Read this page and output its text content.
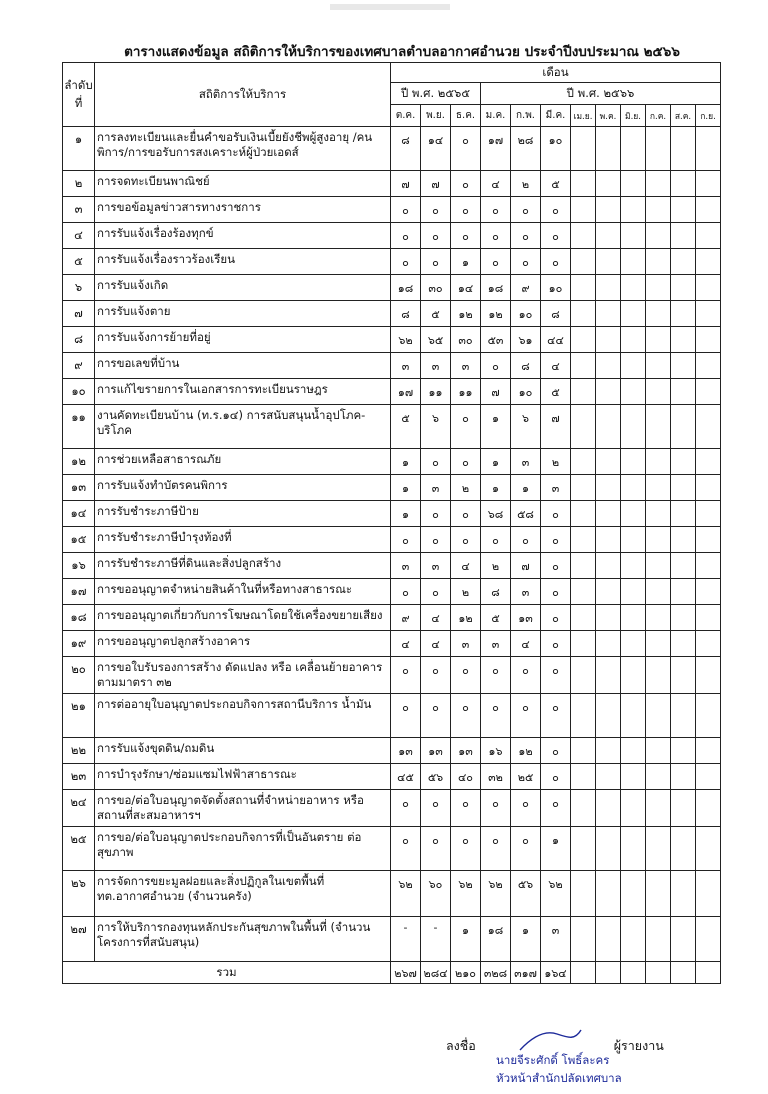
ตารางแสดงข้อมูล สถิติการให้บริการของเทศบาลตำบลอากาศอำนวย ประจำปีงบประมาณ ๒๕๖๖
ลำดับที่	สถิติการให้บริการ	เดือน											
		ปี พ.ศ. ๒๕๖๕			ปี พ.ศ. ๒๕๖๖								
		ต.ค.	พ.ย.	ธ.ค.	ม.ค.	ก.พ.	มี.ค.	เม.ย.	พ.ค.	มิ.ย.	ก.ค.	ส.ค.	ก.ย.
๑	การลงทะเบียนและยื่นคำขอรับเงินเบี้ยยังชีพผู้สูงอายุ /คนพิการ/การขอรับการสงเคราะห์ผู้ป่วยเอดส์	๘	๑๔	๐	๑๗	๒๘	๑๐						
๒	การจดทะเบียนพาณิชย์	๗	๗	๐	๔	๒	๕						
๓	การขอข้อมูลข่าวสารทางราชการ	๐	๐	๐	๐	๐	๐						
๔	การรับแจ้งเรื่องร้องทุกข์	๐	๐	๐	๐	๐	๐						
๕	การรับแจ้งเรื่องราวร้องเรียน	๐	๐	๑	๐	๐	๐						
๖	การรับแจ้งเกิด	๑๘	๓๐	๑๔	๑๘	๙	๑๐						
๗	การรับแจ้งตาย	๘	๕	๑๒	๑๒	๑๐	๘						
๘	การรับแจ้งการย้ายที่อยู่	๖๒	๖๕	๓๐	๕๓	๖๑	๔๔						
๙	การขอเลขที่บ้าน	๓	๓	๓	๐	๘	๔						
๑๐	การแก้ไขรายการในเอกสารการทะเบียนราษฎร	๑๗	๑๑	๑๑	๗	๑๐	๕						
๑๑	งานคัดทะเบียนบ้าน (ท.ร.๑๔) การสนับสนุนน้ำอุปโภค-บริโภค	๕	๖	๐	๑	๖	๗						
๑๒	การช่วยเหลือสาธารณภัย	๑	๐	๐	๑	๓	๒						
๑๓	การรับแจ้งทำบัตรคนพิการ	๑	๓	๒	๑	๑	๓						
๑๔	การรับชำระภาษีป้าย	๑	๐	๐	๖๘	๕๘	๐						
๑๕	การรับชำระภาษีบำรุงท้องที่	๐	๐	๐	๐	๐	๐						
๑๖	การรับชำระภาษีที่ดินและสิ่งปลูกสร้าง	๓	๓	๔	๒	๗	๐						
๑๗	การขออนุญาตจำหน่ายสินค้าในที่หรือทางสาธารณะ	๐	๐	๒	๘	๓	๐						
๑๘	การขออนุญาตเกี่ยวกับการโฆษณาโดยใช้เครื่องขยายเสียง	๙	๔	๑๒	๕	๑๓	๐						
๑๙	การขออนุญาตปลูกสร้างอาคาร	๔	๔	๓	๓	๔	๐						
๒๐	การขอใบรับรองการสร้าง ดัดแปลง หรือ เคลื่อนย้ายอาคาร ตามมาตรา ๓๒	๐	๐	๐	๐	๐	๐						
๒๑	การต่ออายุใบอนุญาตประกอบกิจการสถานีบริการ น้ำมัน	๐	๐	๐	๐	๐	๐						
๒๒	การรับแจ้งขุดดิน/ถมดิน	๑๓	๑๓	๑๓	๑๖	๑๒	๐						
๒๓	การบำรุงรักษา/ซ่อมแซมไฟฟ้าสาธารณะ	๔๕	๕๖	๔๐	๓๒	๒๕	๐						
๒๔	การขอ/ต่อใบอนุญาตจัดตั้งสถานที่จำหน่ายอาหาร หรือสถานที่สะสมอาหารฯ	๐	๐	๐	๐	๐	๐						
๒๕	การขอ/ต่อใบอนุญาตประกอบกิจการที่เป็นอันตราย ต่อสุขภาพ	๐	๐	๐	๐	๐	๑						
๒๖	การจัดการขยะมูลฝอยและสิ่งปฏิกูลในเขตพื้นที่ ทต.อากาศอำนวย (จำนวนครัง)	๖๒	๖๐	๖๒	๖๒	๕๖	๖๒						
๒๗	การให้บริการกองทุนหลักประกันสุขภาพในพื้นที่ (จำนวนโครงการที่สนับสนุน)	-	-	๑	๑๘	๑	๓						
รวม		๒๖๗	๒๘๔	๒๑๐	๓๒๘	๓๑๗	๑๖๔						
ลงชื่อ	ผู้รายงาน
นายจีระศักดิ์ โพธิ์ละคร
หัวหน้าสำนักปลัดเทศบาล
